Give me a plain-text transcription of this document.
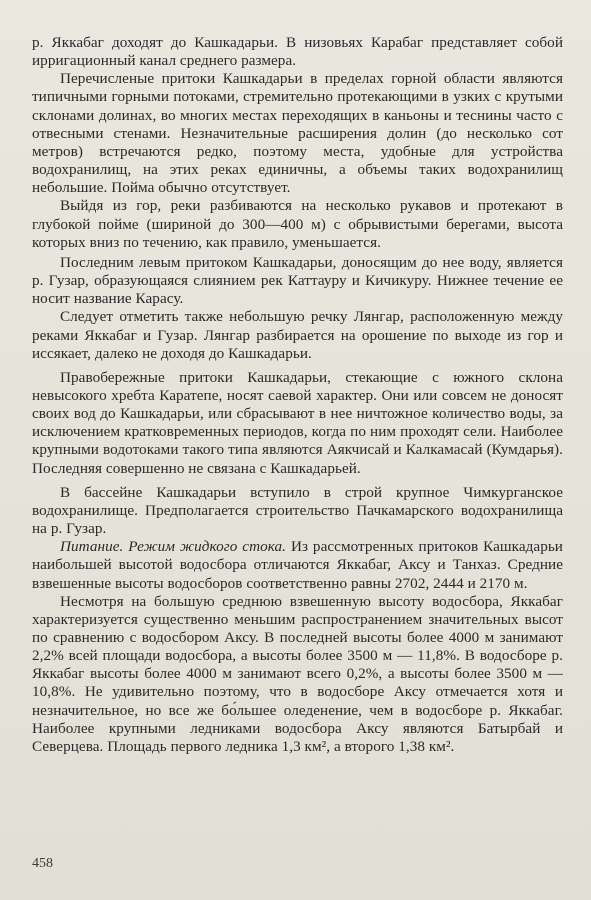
р. Яккабаг доходят до Кашкадарьи. В низовьях Карабаг представляет собой ирригационный канал среднего размера.

Перечисленые притоки Кашкадарьи в пределах горной области являются типичными горными потоками, стремительно протекающими в узких с крутыми склонами долинах, во многих местах переходящих в каньоны и теснины часто с отвесными стенами. Незначительные расширения долин (до несколько сот метров) встречаются редко, поэтому места, удобные для устройства водохранилищ, на этих реках единичны, а объемы таких водохранилищ небольшие. Пойма обычно отсутствует.

Выйдя из гор, реки разбиваются на несколько рукавов и протекают в глубокой пойме (шириной до 300—400 м) с обрывистыми берегами, высота которых вниз по течению, как правило, уменьшается.

Последним левым притоком Кашкадарьи, доносящим до нее воду, является р. Гузар, образующаяся слиянием рек Каттауру и Кичикуру. Нижнее течение ее носит название Карасу.

Следует отметить также небольшую речку Лянгар, расположенную между реками Яккабаг и Гузар. Лянгар разбирается на орошение по выходе из гор и иссякает, далеко не доходя до Кашкадарьи.

Правобережные притоки Кашкадарьи, стекающие с южного склона невысокого хребта Каратепе, носят саевой характер. Они или совсем не доносят своих вод до Кашкадарьи, или сбрасывают в нее ничтожное количество воды, за исключением кратковременных периодов, когда по ним проходят сели. Наиболее крупными водотоками такого типа являются Аякчисай и Калкамасай (Кумдарья). Последняя совершенно не связана с Кашкадарьей.

В бассейне Кашкадарьи вступило в строй крупное Чимкурганское водохранилище. Предполагается строительство Пачкамарского водохранилища на р. Гузар.

Питание. Режим жидкого стока. Из рассмотренных притоков Кашкадарьи наибольшей высотой водосбора отличаются Яккабаг, Аксу и Танхаз. Средние взвешенные высоты водосборов соответственно равны 2702, 2444 и 2170 м.

Несмотря на большую среднюю взвешенную высоту водосбора, Яккабаг характеризуется существенно меньшим распространением значительных высот по сравнению с водосбором Аксу. В последней высоты более 4000 м занимают 2,2% всей площади водосбора, а высоты более 3500 м — 11,8%. В водосборе р. Яккабаг высоты более 4000 м занимают всего 0,2%, а высоты более 3500 м — 10,8%. Не удивительно поэтому, что в водосборе Аксу отмечается хотя и незначительное, но все же бо́льшее оледенение, чем в водосборе р. Яккабаг. Наиболее крупными ледниками водосбора Аксу являются Батырбай и Северцева. Площадь первого ледника 1,3 км², а второго 1,38 км².

458
